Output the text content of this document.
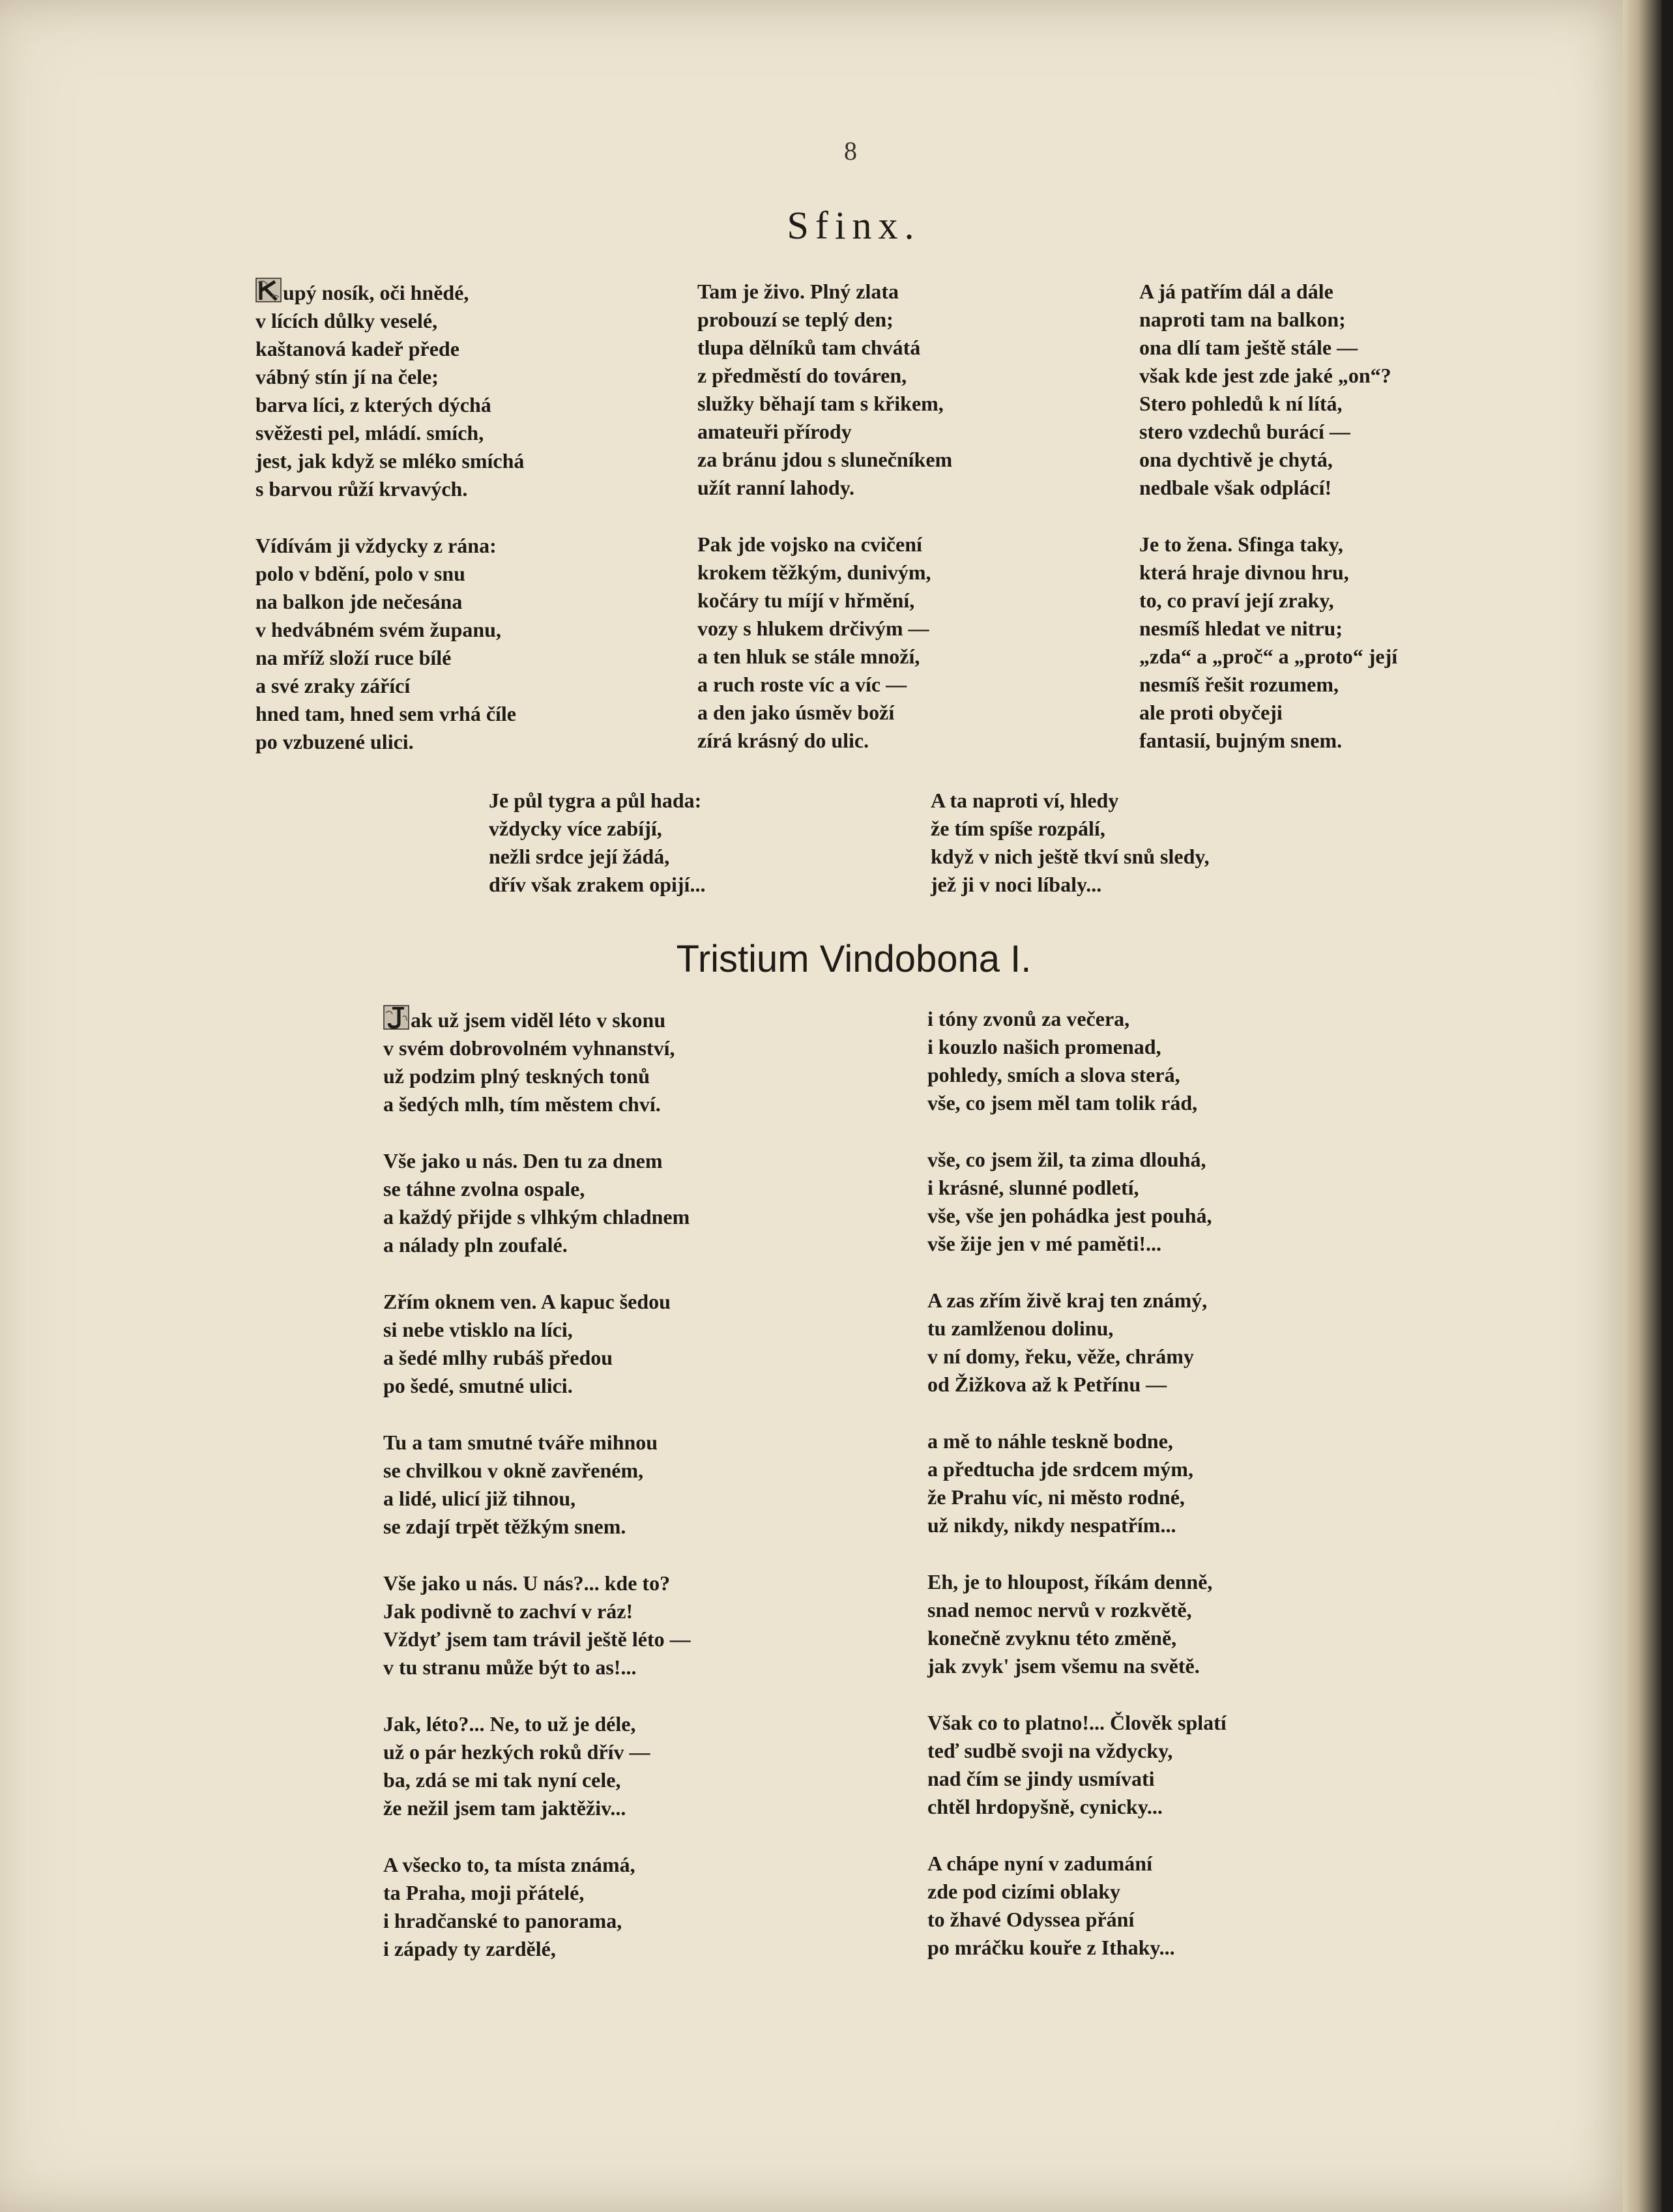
8
Sfinx.
upý nosík, oči hnědé,
v lících důlky veselé,
kaštanová kadeř přede
vábný stín jí na čele;
barva líci, z kterých dýchá
svěžesti pel, mládí. smích,
jest, jak když se mléko smíchá
s barvou růží krvavých.
Vídívám ji vždycky z rána:
polo v bdění, polo v snu
na balkon jde nečesána
v hedvábném svém županu,
na mříž složí ruce bílé
a své zraky zářící
hned tam, hned sem vrhá číle
po vzbuzené ulici.
Tam je živo. Plný zlata
probouzí se teplý den;
tlupa dělníků tam chvátá
z předměstí do továren,
služky běhají tam s křikem,
amateuři přírody
za bránu jdou s slunečníkem
užít ranní lahody.
Pak jde vojsko na cvičení
krokem těžkým, dunivým,
kočáry tu míjí v hřmění,
vozy s hlukem drčivým —
a ten hluk se stále množí,
a ruch roste víc a víc —
a den jako úsměv boží
zírá krásný do ulic.
A já patřím dál a dále
naproti tam na balkon;
ona dlí tam ještě stále —
však kde jest zde jaké „on“?
Stero pohledů k ní lítá,
stero vzdechů burácí —
ona dychtivě je chytá,
nedbale však odplácí!
Je to žena. Sfinga taky,
která hraje divnou hru,
to, co praví její zraky,
nesmíš hledat ve nitru;
„zda“ a „proč“ a „proto“ její
nesmíš řešit rozumem,
ale proti obyčeji
fantasií, bujným snem.
Je půl tygra a půl hada:
vždycky více zabíjí,
nežli srdce její žádá,
dřív však zrakem opijí...
A ta naproti ví, hledy
že tím spíše rozpálí,
když v nich ještě tkví snů sledy,
jež ji v noci líbaly...
Tristium Vindobona I.
ak už jsem viděl léto v skonu
v svém dobrovolném vyhnanství,
už podzim plný teskných tonů
a šedých mlh, tím městem chví.
Vše jako u nás. Den tu za dnem
se táhne zvolna ospale,
a každý přijde s vlhkým chladnem
a nálady pln zoufalé.
Zřím oknem ven. A kapuc šedou
si nebe vtisklo na líci,
a šedé mlhy rubáš předou
po šedé, smutné ulici.
Tu a tam smutné tváře mihnou
se chvilkou v okně zavřeném,
a lidé, ulicí již tihnou,
se zdají trpět těžkým snem.
Vše jako u nás. U nás?... kde to?
Jak podivně to zachví v ráz!
Vždyť jsem tam trávil ještě léto —
v tu stranu může být to as!...
Jak, léto?... Ne, to už je déle,
už o pár hezkých roků dřív —
ba, zdá se mi tak nyní cele,
že nežil jsem tam jaktěživ...
A všecko to, ta místa známá,
ta Praha, moji přátelé,
i hradčanské to panorama,
i západy ty zardělé,
i tóny zvonů za večera,
i kouzlo našich promenad,
pohledy, smích a slova sterá,
vše, co jsem měl tam tolik rád,
vše, co jsem žil, ta zima dlouhá,
i krásné, slunné podletí,
vše, vše jen pohádka jest pouhá,
vše žije jen v mé paměti!...
A zas zřím živě kraj ten známý,
tu zamlženou dolinu,
v ní domy, řeku, věže, chrámy
od Žižkova až k Petřínu —
a mě to náhle teskně bodne,
a předtucha jde srdcem mým,
že Prahu víc, ni město rodné,
už nikdy, nikdy nespatřím...
Eh, je to hloupost, říkám denně,
snad nemoc nervů v rozkvětě,
konečně zvyknu této změně,
jak zvyk' jsem všemu na světě.
Však co to platno!... Člověk splatí
teď sudbě svoji na vždycky,
nad čím se jindy usmívati
chtěl hrdopyšně, cynicky...
A chápe nyní v zadumání
zde pod cizími oblaky
to žhavé Odyssea přání
po mráčku kouře z Ithaky...
